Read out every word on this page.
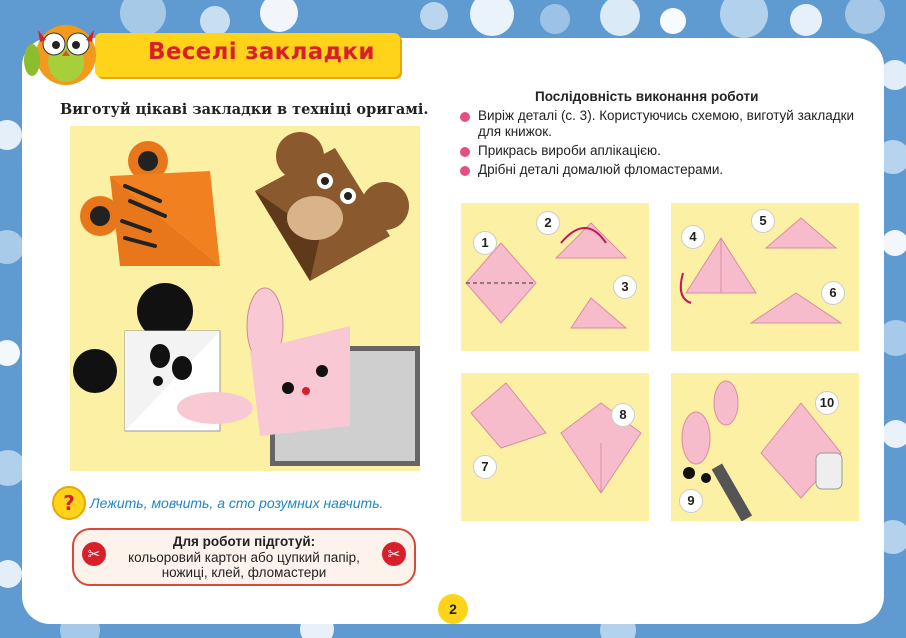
Веселі закладки
Виготуй цікаві закладки в техніці оригамі.
?	Лежить, мовчить, а сто розумних навчить.
✂	✂
Для роботи підготуй:
кольоровий картон або цупкий папір,
ножиці, клей, фломастери
Послідовність виконання роботи
Виріж деталі (с. 3). Користуючись схемою, виготуй закладки для книжок.
Прикрась вироби аплікацією.
Дрібні деталі домалюй фломастерами.
1
2
3
4
5
6
8
7
10
9
2
